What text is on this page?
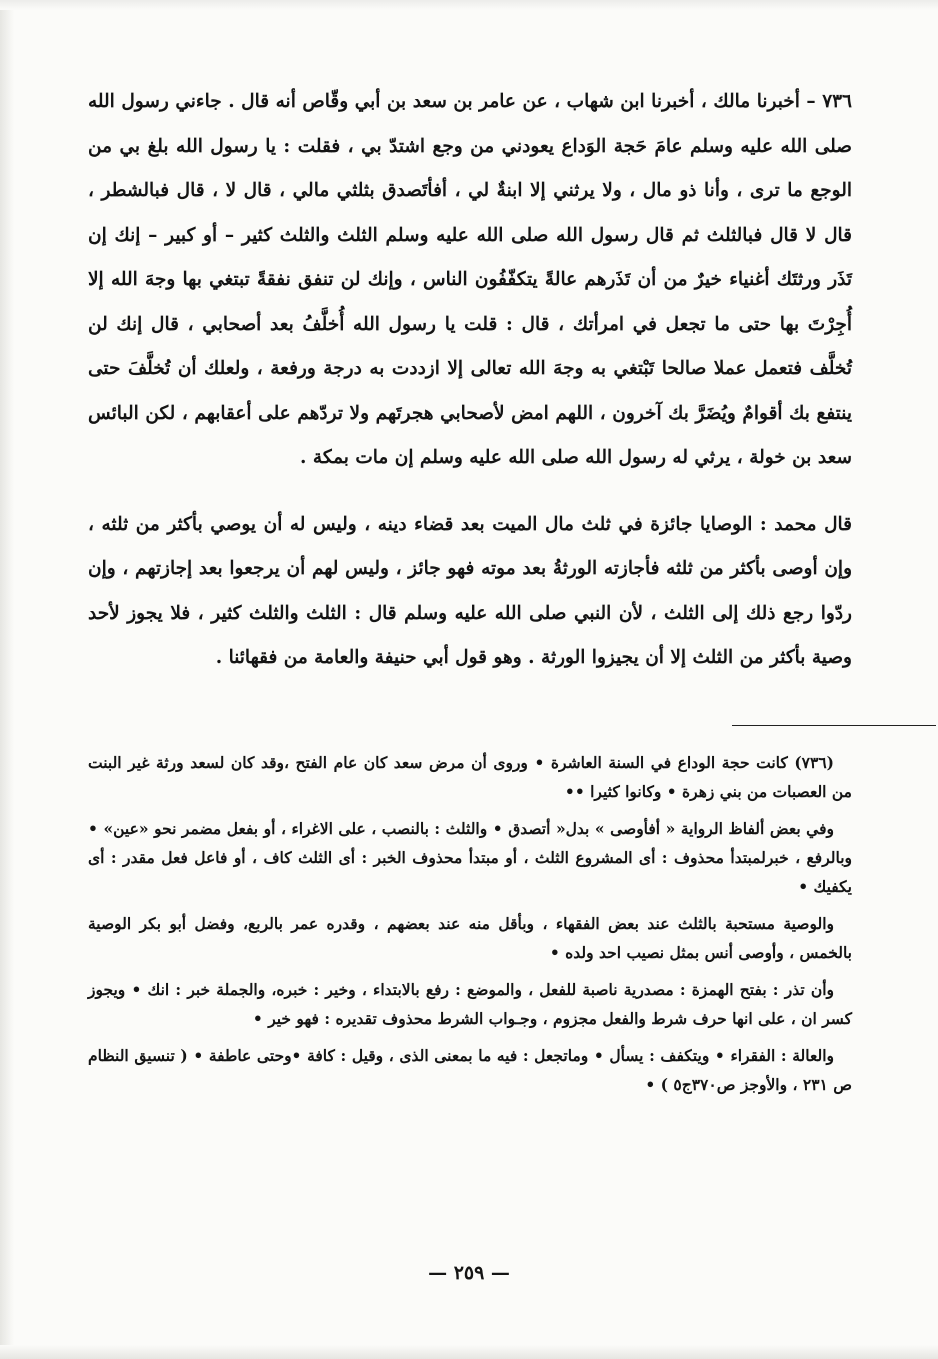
٧٣٦ – أخبرنا مالك ، أخبرنا ابن شهاب ، عن عامر بن سعد بن أبي وقّاص أنه قال . جاءني رسول الله صلى الله عليه وسلم عامَ حَجة الوَداع يعودني من وجع اشتدّ بي ، فقلت : يا رسول الله بلغ بي من الوجع ما ترى ، وأنا ذو مال ، ولا يرثني إلا ابنةٌ لي ، أفأتَصدق بثلثي مالي ، قال لا ، قال فبالشطر ، قال لا قال فبالثلث ثم قال رسول الله صلى الله عليه وسلم الثلث والثلث كثير – أو كبير – إنك إن تَذَر ورثتَك أغنياء خيرٌ من أن تَذَرهم عالةً يتكفّفُون الناس ، وإنك لن تنفق نفقةً تبتغي بها وجهَ الله إلا أُجِرْتَ بها حتى ما تجعل في امرأتك ، قال : قلت يا رسول الله أُخلَّفُ بعد أصحابي ، قال إنك لن تُخلَّف فتعمل عملا صالحا تَبْتغي به وجهَ الله تعالى إلا ازددت به درجة ورفعة ، ولعلك أن تُخلَّفَ حتى ينتفع بك أقوامٌ ويُضَرَّ بك آخرون ، اللهم امض لأصحابي هجرتَهم ولا تردّهم على أعقابهم ، لكن البائس سعد بن خولة ، يرثي له رسول الله صلى الله عليه وسلم إن مات بمكة .

قال محمد : الوصايا جائزة في ثلث مال الميت بعد قضاء دينه ، وليس له أن يوصي بأكثر من ثلثه ، وإن أوصى بأكثر من ثلثه فأجازته الورثةُ بعد موته فهو جائز ، وليس لهم أن يرجعوا بعد إجازتهم ، وإن ردّوا رجع ذلك إلى الثلث ، لأن النبي صلى الله عليه وسلم قال : الثلث والثلث كثير ، فلا يجوز لأحد وصية بأكثر من الثلث إلا أن يجيزوا الورثة . وهو قول أبي حنيفة والعامة من فقهائنا .

(٧٣٦) كانت حجة الوداع في السنة العاشرة • وروى أن مرض سعد كان عام الفتح ،وقد كان لسعد ورثة غير البنت من العصبات من بني زهرة • وكانوا كثيرا ••

وفي بعض ألفاظ الرواية « أفأوصى » بدل« أتصدق • والثلث : بالنصب ، على الاغراء ، أو بفعل مضمر نحو «عين» • وبالرفع ، خبرلمبتدأ محذوف : أى المشروع الثلث ، أو مبتدأ محذوف الخبر : أى الثلث كاف ، أو فاعل فعل مقدر : أى يكفيك •

والوصية مستحبة بالثلث عند بعض الفقهاء ، وبأقل منه عند بعضهم ، وقدره عمر بالربع، وفضل أبو بكر الوصية بالخمس ، وأوصى أنس بمثل نصيب احد ولده •

وأن تذر : بفتح الهمزة : مصدرية ناصبة للفعل ، والموضع : رفع بالابتداء ، وخير : خبره، والجملة خبر : انك • ويجوز كسر ان ، على انها حرف شرط والفعل مجزوم ، وجـواب الشرط محذوف تقديره : فهو خير •

والعالة : الفقراء • ويتكفف : يسأل • وماتجعل : فيه ما بمعنى الذى ، وقيل : كافة •وحتى عاطفة • ( تنسيق النظام ص ٢٣١ ، والأوجز ص٣٧٠ج٥ ) •

— ٢٥٩ —
